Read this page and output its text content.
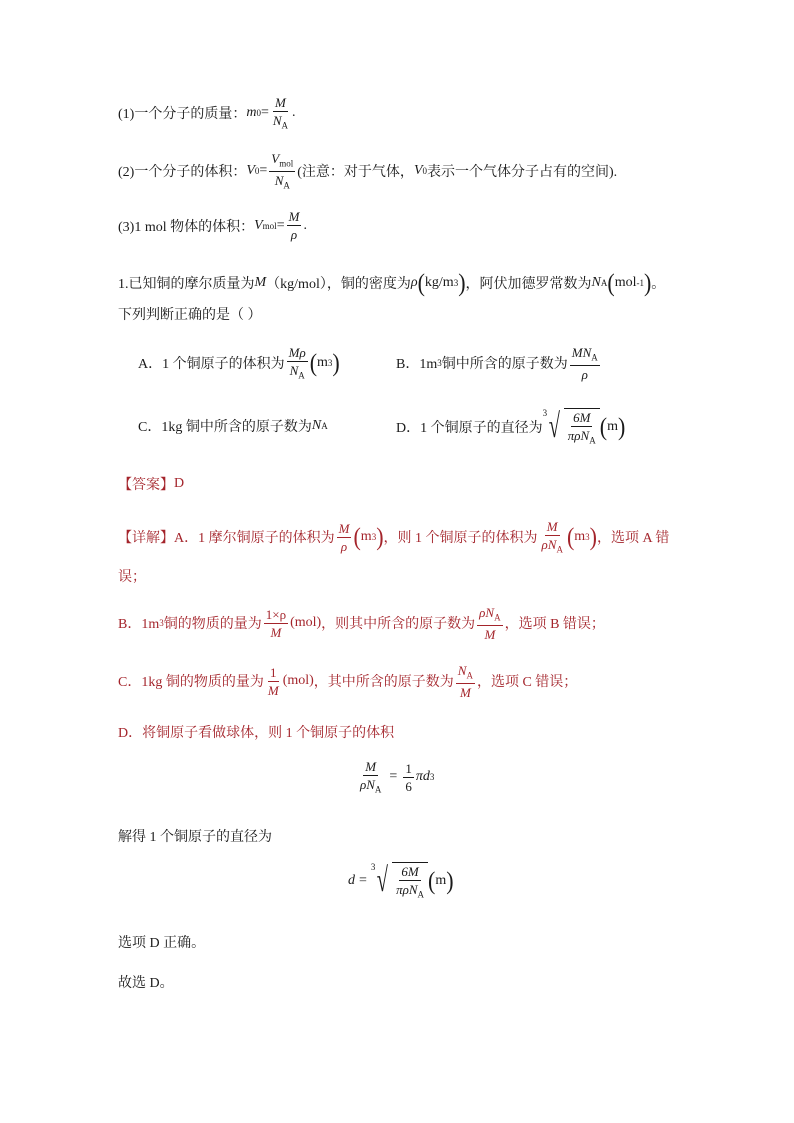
(1)一个分子的质量： m $0 = \frac{M}{N_A}$ .
(2)一个分子的体积： V $0 = \frac{V_{mol}}{N_A}$ (注意：对于气体， V 0 表示一个气体分子占有的空间).
(3)1 mol 物体的体积： V mol = $\frac{M}{\rho}$ .
1.已知铜的摩尔质量为 M （kg/mol），铜的密度为 ρ ( kg/m 3 ) ，阿伏加德罗常数为 N A ( mol -1 ) 。
下列判断正确的是（ ）
A．1 个铜原子的体积为 $\frac{M\rho}{N_A}$ ( m 3 )	B．1m 3 铜中所含的原子数为 $\frac{MN_A}{\rho}$
C．1kg 铜中所含的原子数为 N A	D．1 个铜原子的直径为
3 √ $\frac{6M}{\pi\rho N_A}$ ( m )
【答案】 D
【详解】 A．1 摩尔铜原子的体积为 $\frac{M}{\rho}$ ( m 3 ) ，则 1 个铜原子的体积为 $\frac{M}{\rho N_A}$ ( m 3 ) ，选项 A 错
误；
B．1m 3 铜的物质的量为 $\frac{1\times\rho}{M} (mol)$ ，则其中所含的原子数为 $\frac{\rho N_A}{M}$ ，选项 B 错误；
C．1kg 铜的物质的量为 $\frac{1}{M} (mol)$ ，其中所含的原子数为 $\frac{N_A}{M}$ ，选项 C 错误；
D．将铜原子看做球体，则 1 个铜原子的体积
$\frac{M}{\rho N_A} = \frac{1}{6}$ πd 3
解得 1 个铜原子的直径为
d =
3 √ $\frac{6M}{\pi\rho N_A}$ ( m )
选项 D 正确。
故选 D。
